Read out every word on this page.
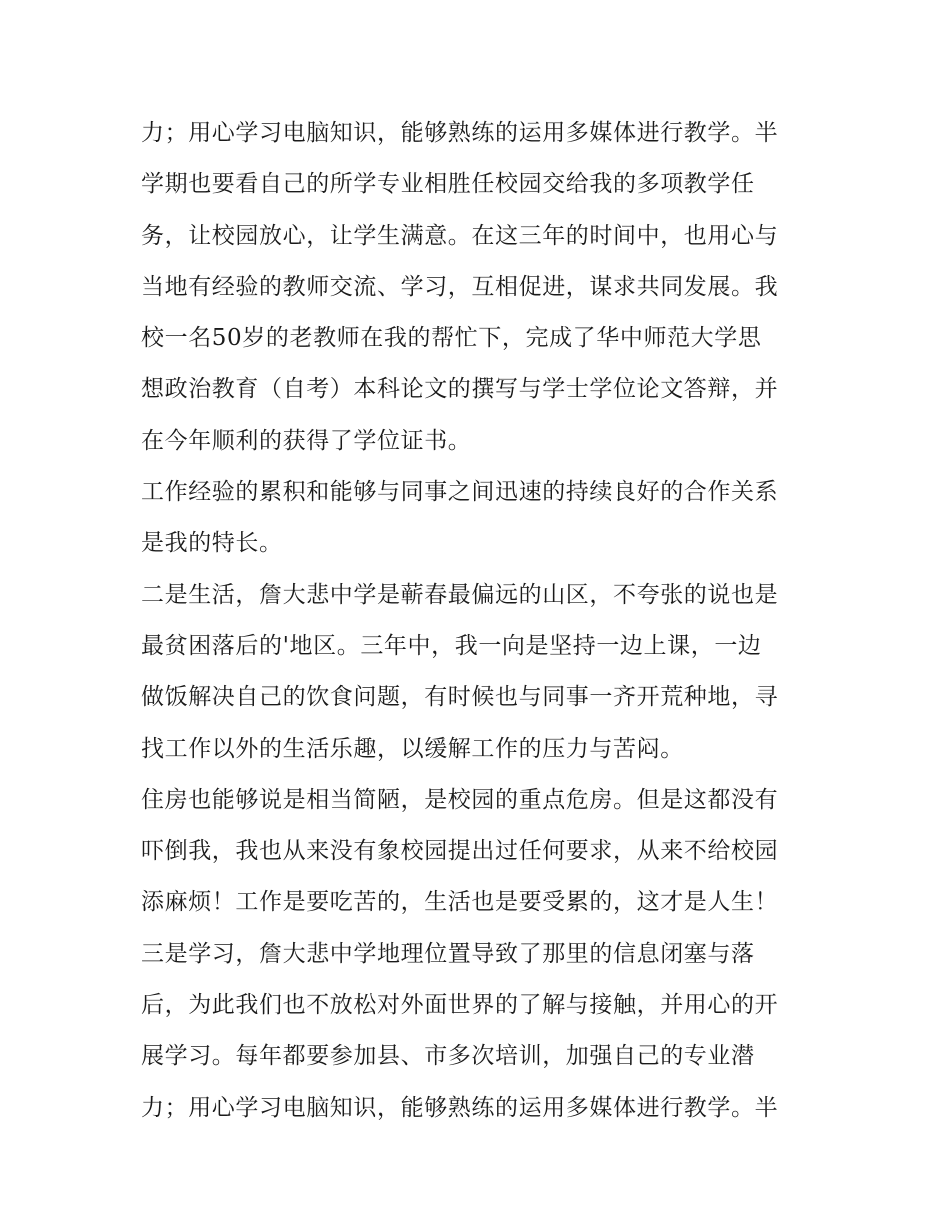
力；用心学习电脑知识，能够熟练的运用多媒体进行教学。半
学期也要看自己的所学专业相胜任校园交给我的多项教学任
务，让校园放心，让学生满意。在这三年的时间中，也用心与
当地有经验的教师交流、学习，互相促进，谋求共同发展。我
校一名50岁的老教师在我的帮忙下，完成了华中师范大学思
想政治教育（自考）本科论文的撰写与学士学位论文答辩，并
在今年顺利的获得了学位证书。
工作经验的累积和能够与同事之间迅速的持续良好的合作关系
是我的特长。
二是生活，詹大悲中学是蕲春最偏远的山区，不夸张的说也是
最贫困落后的'地区。三年中，我一向是坚持一边上课，一边
做饭解决自己的饮食问题，有时候也与同事一齐开荒种地，寻
找工作以外的生活乐趣，以缓解工作的压力与苦闷。
住房也能够说是相当简陋，是校园的重点危房。但是这都没有
吓倒我，我也从来没有象校园提出过任何要求，从来不给校园
添麻烦！工作是要吃苦的，生活也是要受累的，这才是人生！
三是学习，詹大悲中学地理位置导致了那里的信息闭塞与落
后，为此我们也不放松对外面世界的了解与接触，并用心的开
展学习。每年都要参加县、市多次培训，加强自己的专业潜
力；用心学习电脑知识，能够熟练的运用多媒体进行教学。半
